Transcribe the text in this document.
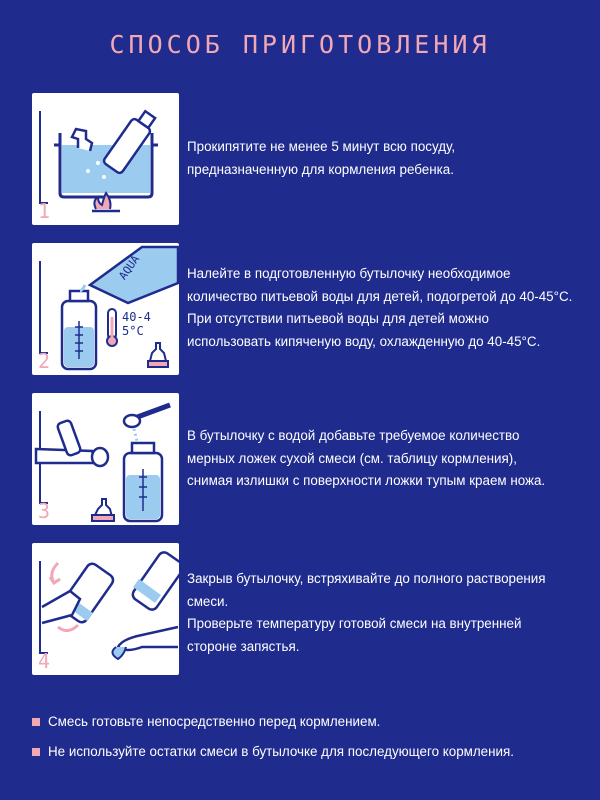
СПОСОБ ПРИГОТОВЛЕНИЯ
1
Прокипятите не менее 5 минут всю посуду,
предназначенную для кормления ребенка.
AQUA
40-45°C
2
Налейте в подготовленную бутылочку необходимое
количество питьевой воды для детей, подогретой до 40-45°С.
При отсутствии питьевой воды для детей можно
использовать кипяченую воду, охлажденную до 40-45°С.
3
В бутылочку с водой добавьте требуемое количество
мерных ложек сухой смеси (см. таблицу кормления),
снимая излишки с поверхности ложки тупым краем ножа.
4
Закрыв бутылочку, встряхивайте до полного растворения
смеси.
Проверьте температуру готовой смеси на внутренней
стороне запястья.
Смесь готовьте непосредственно перед кормлением.
Не используйте остатки смеси в бутылочке для последующего кормления.
